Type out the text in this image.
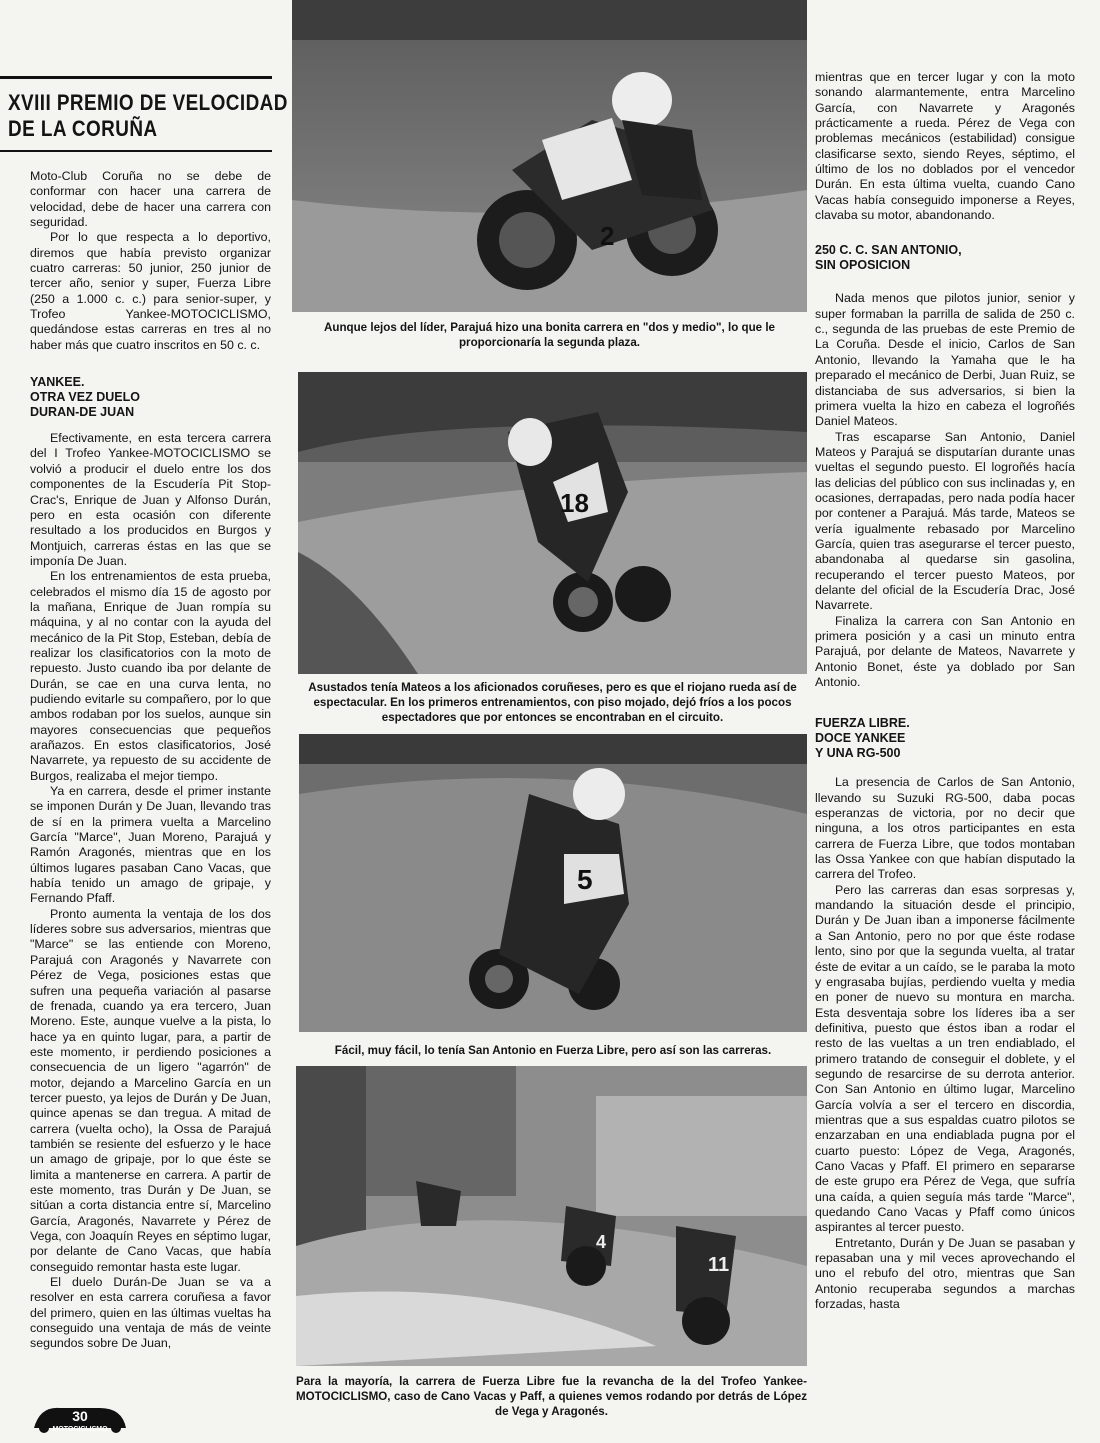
XVIII PREMIO DE VELOCIDAD
DE LA CORUÑA

Moto-Club Coruña no se debe de conformar con hacer una carrera de velocidad, debe de hacer una carrera con seguridad.

Por lo que respecta a lo deportivo, diremos que había previsto organizar cuatro carreras: 50 junior, 250 junior de tercer año, senior y super, Fuerza Libre (250 a 1.000 c. c.) para senior-super, y Trofeo Yankee-MOTOCICLISMO, quedándose estas carreras en tres al no haber más que cuatro inscritos en 50 c. c.

YANKEE.
OTRA VEZ DUELO
DURAN-DE JUAN

Efectivamente, en esta tercera carrera del I Trofeo Yankee-MOTOCICLISMO se volvió a producir el duelo entre los dos componentes de la Escudería Pit Stop-Crac's, Enrique de Juan y Alfonso Durán, pero en esta ocasión con diferente resultado a los producidos en Burgos y Montjuich, carreras éstas en las que se imponía De Juan.

En los entrenamientos de esta prueba, celebrados el mismo día 15 de agosto por la mañana, Enrique de Juan rompía su máquina, y al no contar con la ayuda del mecánico de la Pit Stop, Esteban, debía de realizar los clasificatorios con la moto de repuesto. Justo cuando iba por delante de Durán, se cae en una curva lenta, no pudiendo evitarle su compañero, por lo que ambos rodaban por los suelos, aunque sin mayores consecuencias que pequeños arañazos. En estos clasificatorios, José Navarrete, ya repuesto de su accidente de Burgos, realizaba el mejor tiempo.

Ya en carrera, desde el primer instante se imponen Durán y De Juan, llevando tras de sí en la primera vuelta a Marcelino García "Marce", Juan Moreno, Parajuá y Ramón Aragonés, mientras que en los últimos lugares pasaban Cano Vacas, que había tenido un amago de gripaje, y Fernando Pfaff.

Pronto aumenta la ventaja de los dos líderes sobre sus adversarios, mientras que "Marce" se las entiende con Moreno, Parajuá con Aragonés y Navarrete con Pérez de Vega, posiciones estas que sufren una pequeña variación al pasarse de frenada, cuando ya era tercero, Juan Moreno. Este, aunque vuelve a la pista, lo hace ya en quinto lugar, para, a partir de este momento, ir perdiendo posiciones a consecuencia de un ligero "agarrón" de motor, dejando a Marcelino García en un tercer puesto, ya lejos de Durán y De Juan, quince apenas se dan tregua. A mitad de carrera (vuelta ocho), la Ossa de Parajuá también se resiente del esfuerzo y le hace un amago de gripaje, por lo que éste se limita a mantenerse en carrera. A partir de este momento, tras Durán y De Juan, se sitúan a corta distancia entre sí, Marcelino García, Aragonés, Navarrete y Pérez de Vega, con Joaquín Reyes en séptimo lugar, por delante de Cano Vacas, que había conseguido remontar hasta este lugar.

El duelo Durán-De Juan se va a resolver en esta carrera coruñesa a favor del primero, quien en las últimas vueltas ha conseguido una ventaja de más de veinte segundos sobre De Juan,

2
Aunque lejos del líder, Parajuá hizo una bonita carrera en "dos y medio", lo que le proporcionaría la segunda plaza.
18
Asustados tenía Mateos a los aficionados coruñeses, pero es que el riojano rueda así de espectacular. En los primeros entrenamientos, con piso mojado, dejó fríos a los pocos espectadores que por entonces se encontraban en el circuito.
5
Fácil, muy fácil, lo tenía San Antonio en Fuerza Libre, pero así son las carreras.
4
11
Para la mayoría, la carrera de Fuerza Libre fue la revancha de la del Trofeo Yankee-MOTOCICLISMO, caso de Cano Vacas y Paff, a quienes vemos rodando por detrás de López de Vega y Aragonés.

mientras que en tercer lugar y con la moto sonando alarmantemente, entra Marcelino García, con Navarrete y Aragonés prácticamente a rueda. Pérez de Vega con problemas mecánicos (estabilidad) consigue clasificarse sexto, siendo Reyes, séptimo, el último de los no doblados por el vencedor Durán. En esta última vuelta, cuando Cano Vacas había conseguido imponerse a Reyes, clavaba su motor, abandonando.

250 C. C. SAN ANTONIO,
SIN OPOSICION

Nada menos que pilotos junior, senior y super formaban la parrilla de salida de 250 c. c., segunda de las pruebas de este Premio de La Coruña. Desde el inicio, Carlos de San Antonio, llevando la Yamaha que le ha preparado el mecánico de Derbi, Juan Ruiz, se distanciaba de sus adversarios, si bien la primera vuelta la hizo en cabeza el logroñés Daniel Mateos.

Tras escaparse San Antonio, Daniel Mateos y Parajuá se disputarían durante unas vueltas el segundo puesto. El logroñés hacía las delicias del público con sus inclinadas y, en ocasiones, derrapadas, pero nada podía hacer por contener a Parajuá. Más tarde, Mateos se vería igualmente rebasado por Marcelino García, quien tras asegurarse el tercer puesto, abandonaba al quedarse sin gasolina, recuperando el tercer puesto Mateos, por delante del oficial de la Escudería Drac, José Navarrete.

Finaliza la carrera con San Antonio en primera posición y a casi un minuto entra Parajuá, por delante de Mateos, Navarrete y Antonio Bonet, éste ya doblado por San Antonio.

FUERZA LIBRE.
DOCE YANKEE
Y UNA RG-500

La presencia de Carlos de San Antonio, llevando su Suzuki RG-500, daba pocas esperanzas de victoria, por no decir que ninguna, a los otros participantes en esta carrera de Fuerza Libre, que todos montaban las Ossa Yankee con que habían disputado la carrera del Trofeo.

Pero las carreras dan esas sorpresas y, mandando la situación desde el principio, Durán y De Juan iban a imponerse fácilmente a San Antonio, pero no por que éste rodase lento, sino por que la segunda vuelta, al tratar éste de evitar a un caído, se le paraba la moto y engrasaba bujías, perdiendo vuelta y media en poner de nuevo su montura en marcha. Esta desventaja sobre los líderes iba a ser definitiva, puesto que éstos iban a rodar el resto de las vueltas a un tren endiablado, el primero tratando de conseguir el doblete, y el segundo de resarcirse de su derrota anterior. Con San Antonio en último lugar, Marcelino García volvía a ser el tercero en discordia, mientras que a sus espaldas cuatro pilotos se enzarzaban en una endiablada pugna por el cuarto puesto: López de Vega, Aragonés, Cano Vacas y Pfaff. El primero en separarse de este grupo era Pérez de Vega, que sufría una caída, a quien seguía más tarde "Marce", quedando Cano Vacas y Pfaff como únicos aspirantes al tercer puesto.

Entretanto, Durán y De Juan se pasaban y repasaban una y mil veces aprovechando el uno el rebufo del otro, mientras que San Antonio recuperaba segundos a marchas forzadas, hasta

30
MOTOCICLISMO
